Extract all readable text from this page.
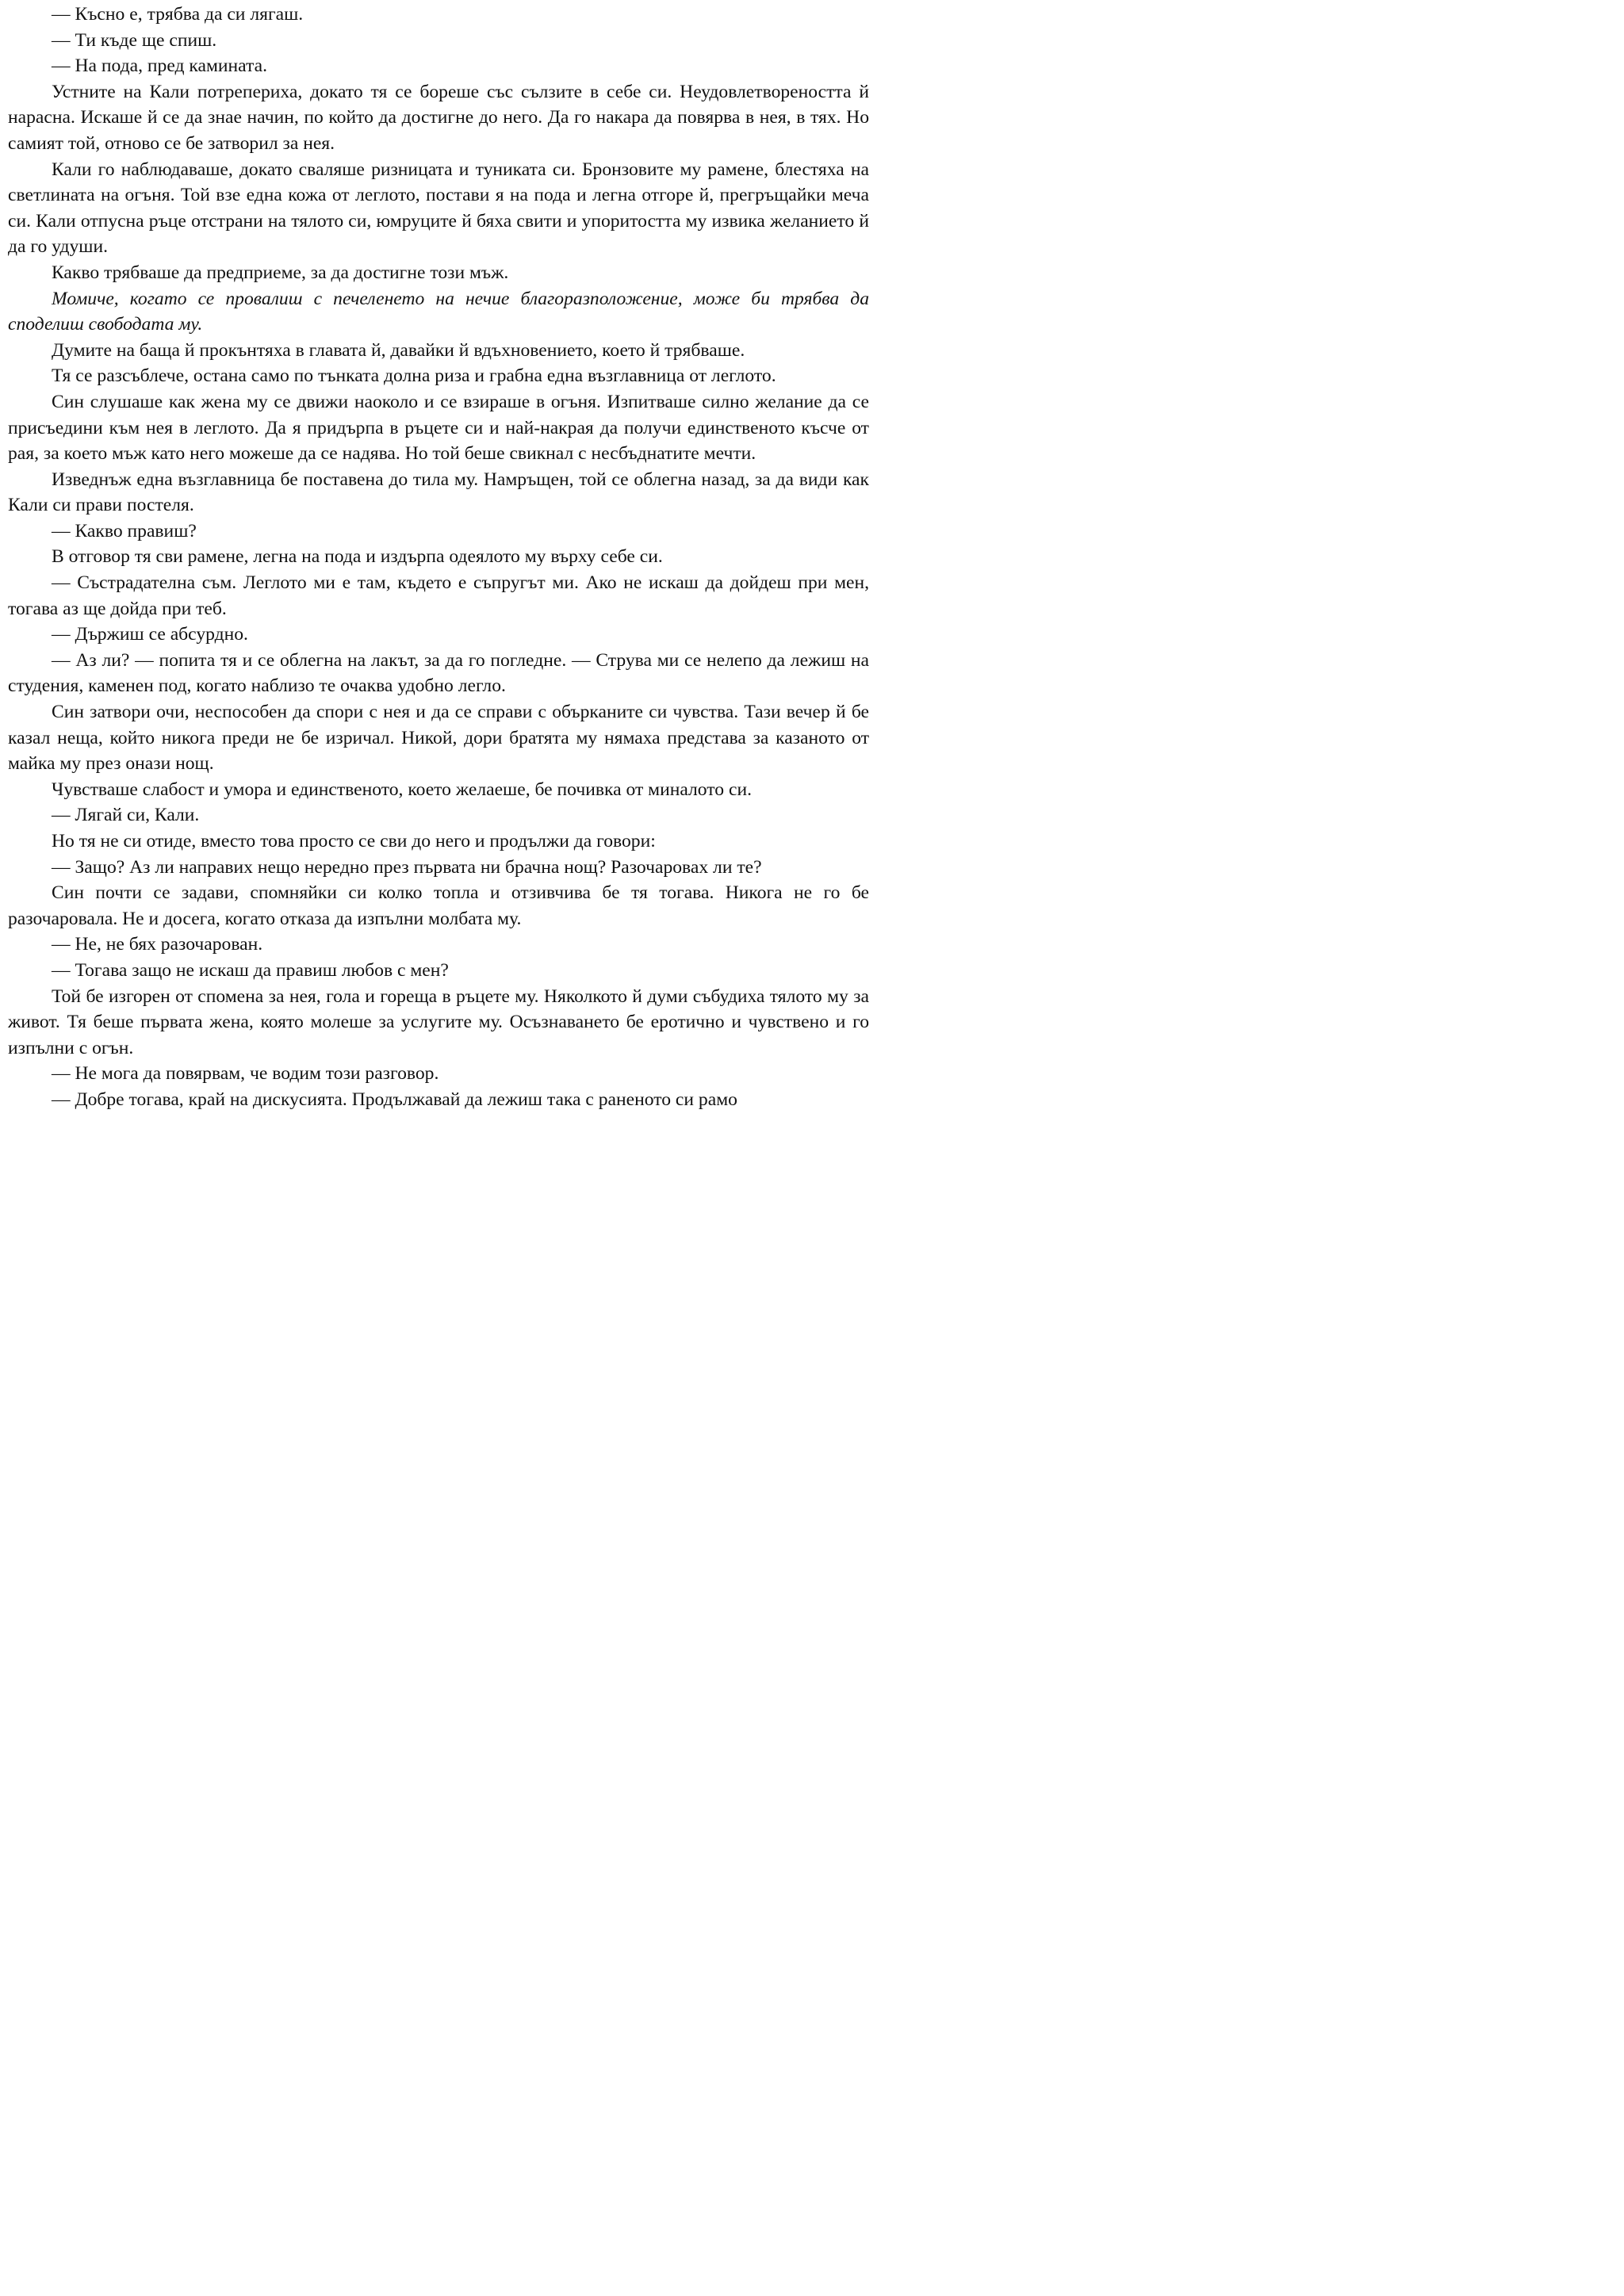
— Късно е, трябва да си лягаш.

— Ти къде ще спиш.

— На пода, пред камината.

Устните на Кали потрепериха, докато тя се бореше със сълзите в себе си. Неудовлетвореността й нарасна. Искаше й се да знае начин, по който да достигне до него. Да го накара да повярва в нея, в тях. Но самият той, отново се бе затворил за нея.

Кали го наблюдаваше, докато сваляше ризницата и туниката си. Бронзовите му рамене, блестяха на светлината на огъня. Той взе една кожа от леглото, постави я на пода и легна отгоре й, прегръщайки меча си. Кали отпусна ръце отстрани на тялото си, юмруците й бяха свити и упоритостта му извика желанието й да го удуши.

Какво трябваше да предприеме, за да достигне този мъж.

Момиче, когато се провалиш с печеленето на нечие благоразположение, може би трябва да споделиш свободата му.

Думите на баща й прокънтяха в главата й, давайки й вдъхновението, което й трябваше.

Тя се разсъблече, остана само по тънката долна риза и грабна една възглавница от леглото.

Син слушаше как жена му се движи наоколо и се взираше в огъня. Изпитваше силно желание да се присъедини към нея в леглото. Да я придърпа в ръцете си и най-накрая да получи единственото късче от рая, за което мъж като него можеше да се надява. Но той беше свикнал с несбъднатите мечти.

Изведнъж една възглавница бе поставена до тила му. Намръщен, той се облегна назад, за да види как Кали си прави постеля.

— Какво правиш?

В отговор тя сви рамене, легна на пода и издърпа одеялото му върху себе си.

— Състрадателна съм. Леглото ми е там, където е съпругът ми. Ако не искаш да дойдеш при мен, тогава аз ще дойда при теб.

— Държиш се абсурдно.

— Аз ли? — попита тя и се облегна на лакът, за да го погледне. — Струва ми се нелепо да лежиш на студения, каменен под, когато наблизо те очаква удобно легло.

Син затвори очи, неспособен да спори с нея и да се справи с обърканите си чувства. Тази вечер й бе казал неща, който никога преди не бе изричал. Никой, дори братята му нямаха представа за казаното от майка му през онази нощ.

Чувстваше слабост и умора и единственото, което желаеше, бе почивка от миналото си.

— Лягай си, Кали.

Но тя не си отиде, вместо това просто се сви до него и продължи да говори:

— Защо? Аз ли направих нещо нередно през първата ни брачна нощ? Разочаровах ли те?

Син почти се задави, спомняйки си колко топла и отзивчива бе тя тогава. Никога не го бе разочаровала. Не и досега, когато отказа да изпълни молбата му.

— Не, не бях разочарован.

— Тогава защо не искаш да правиш любов с мен?

Той бе изгорен от спомена за нея, гола и гореща в ръцете му. Няколкото й думи събудиха тялото му за живот. Тя беше първата жена, която молеше за услугите му. Осъзнаването бе еротично и чувствено и го изпълни с огън.

— Не мога да повярвам, че водим този разговор.

— Добре тогава, край на дискусията. Продължавай да лежиш така с раненото си рамо
